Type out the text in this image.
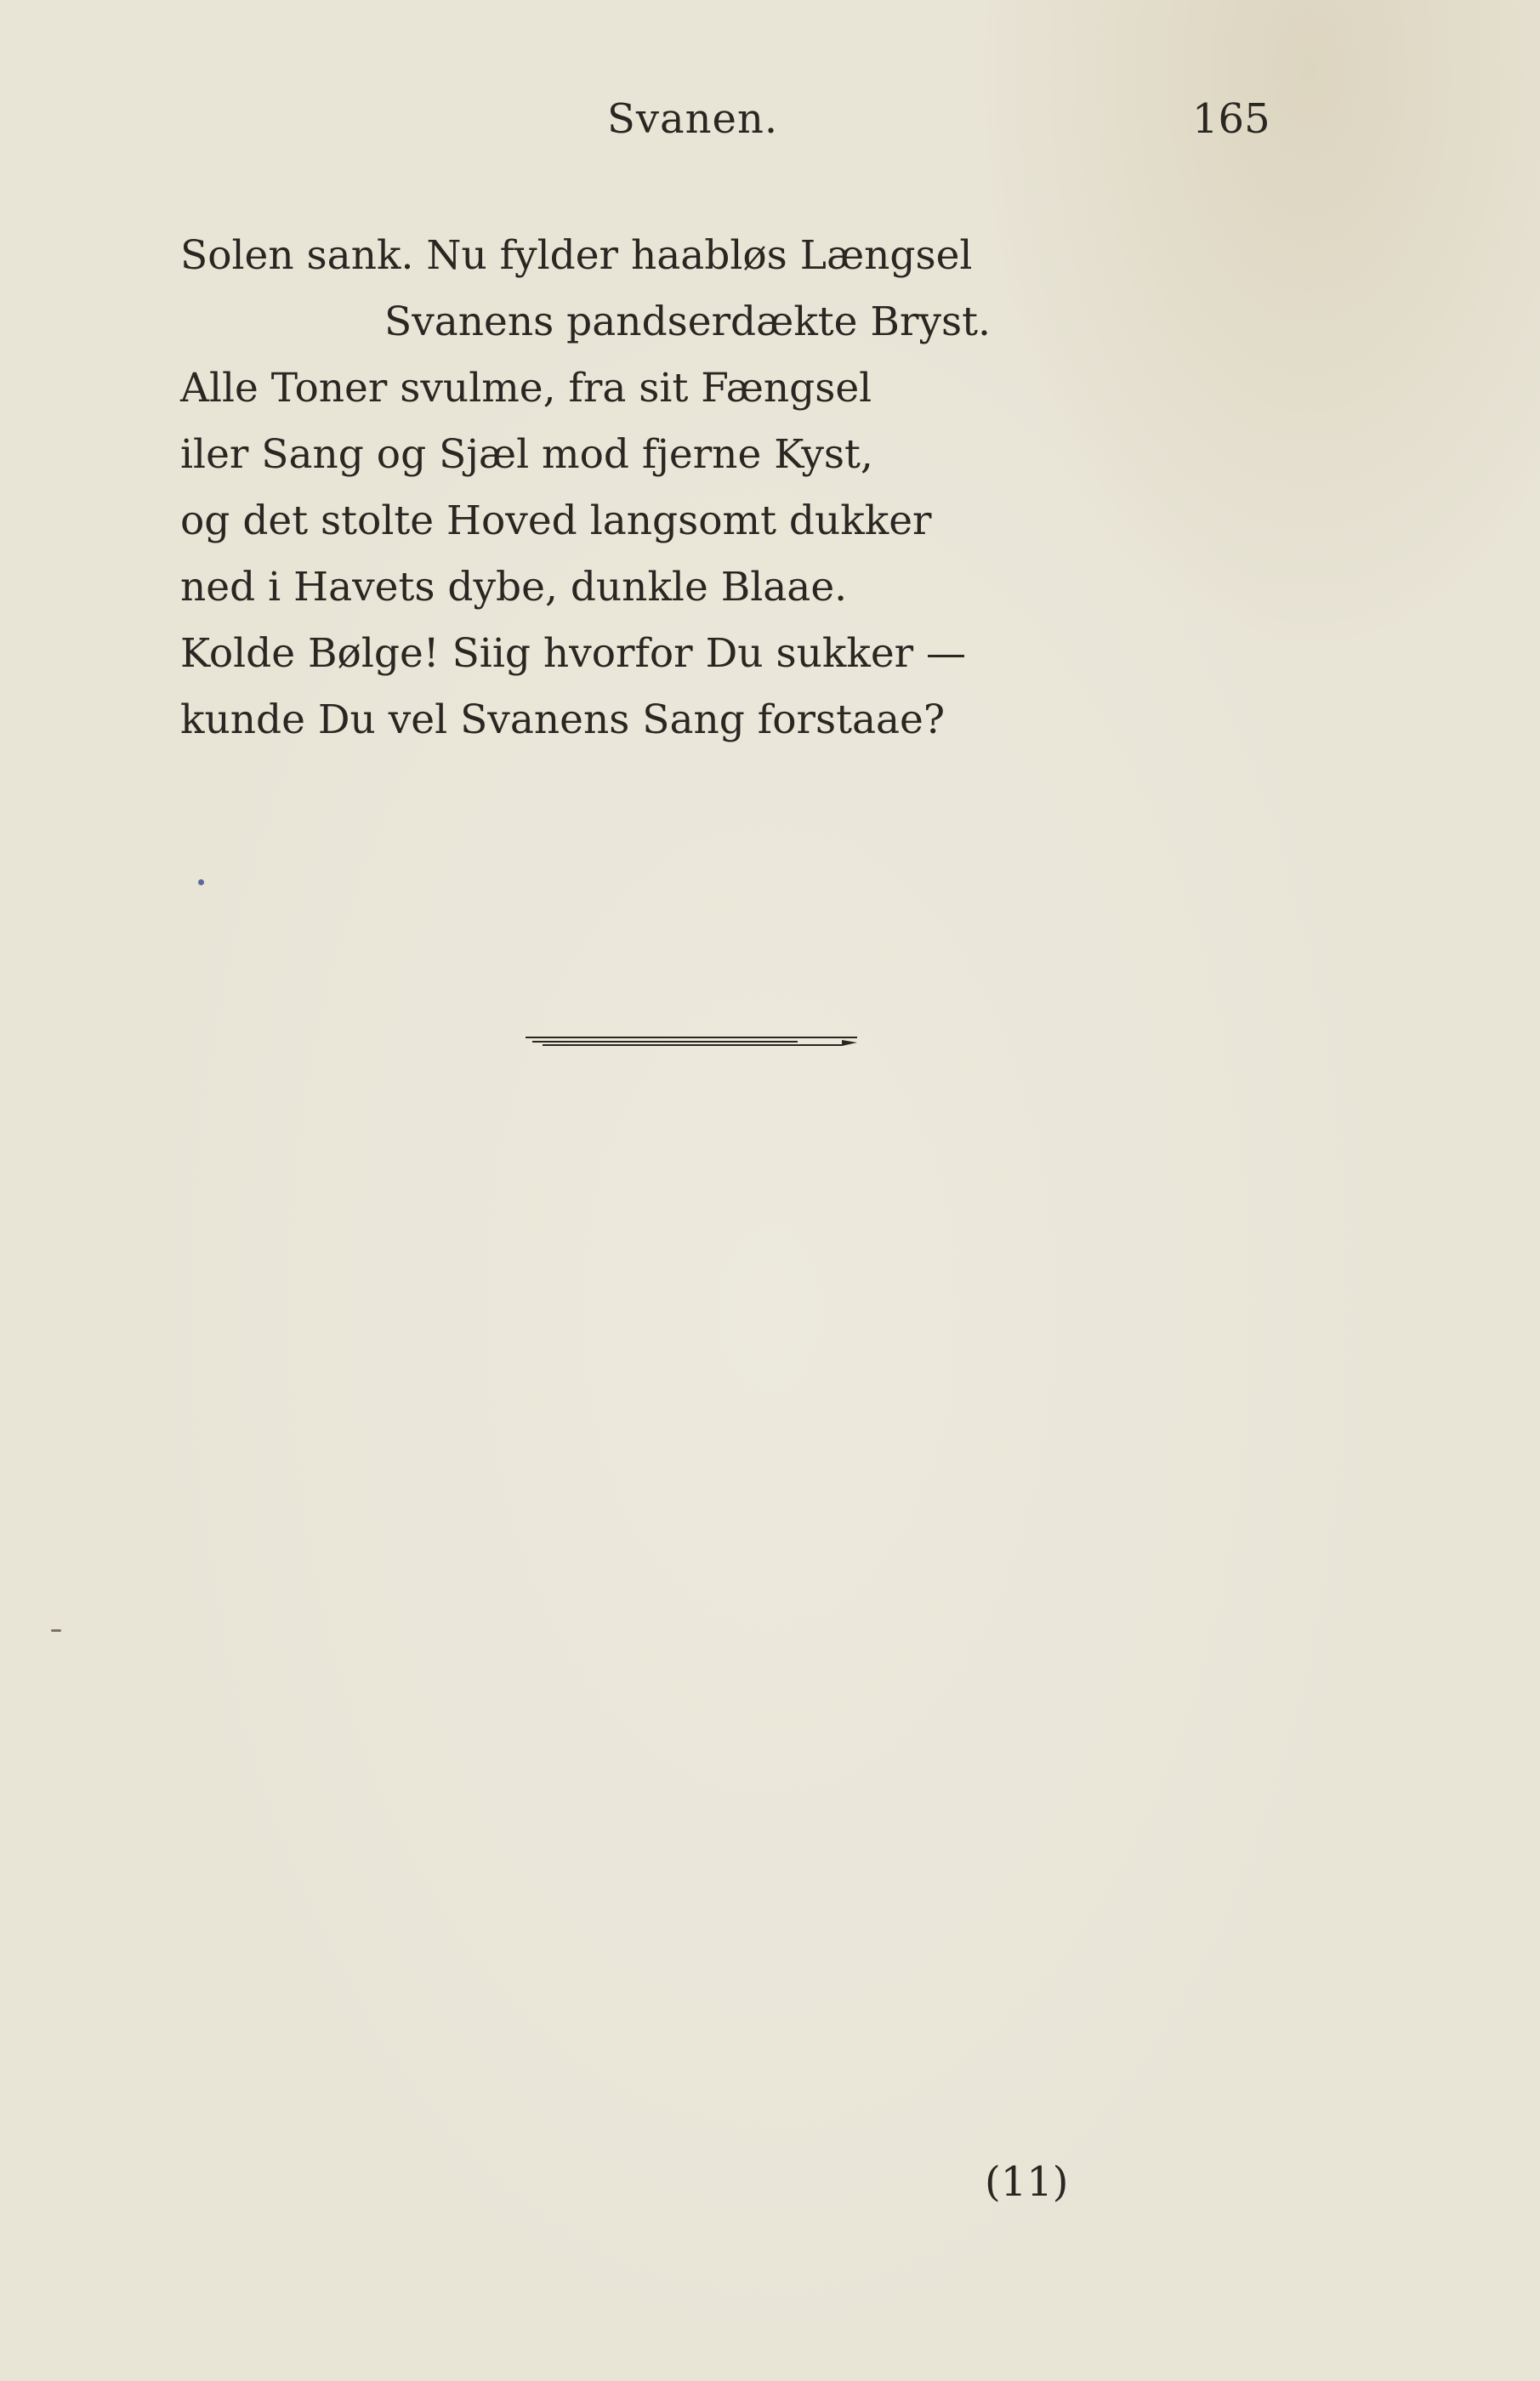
Svanen.	165
Solen sank. Nu fylder haabløs Længsel
Svanens pandserdækte Bryst.
Alle Toner svulme, fra sit Fængsel
iler Sang og Sjæl mod fjerne Kyst,
og det stolte Hoved langsomt dukker
ned i Havets dybe, dunkle Blaae.
Kolde Bølge! Siig hvorfor Du sukker —
kunde Du vel Svanens Sang forstaae?
(11)
